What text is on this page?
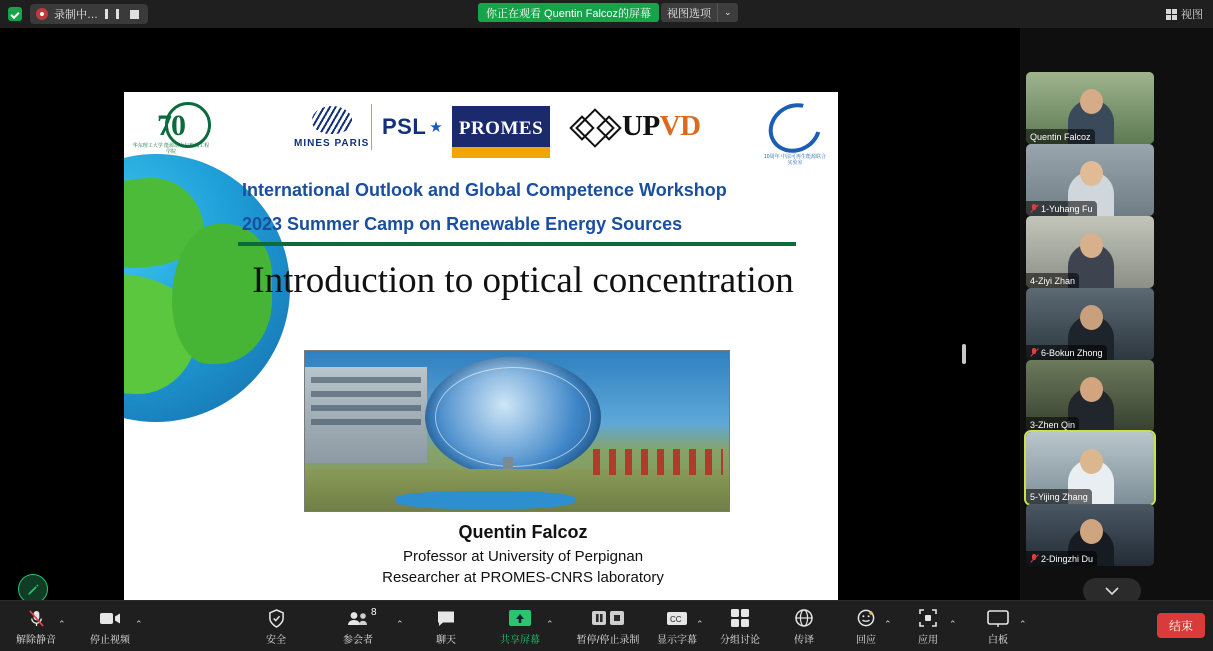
录制中…	你正在观看 Quentin Falcoz的屏幕	视图选项	⌄	视图
70
华东理工大学 能源动力与机械工程学院
MINES PARIS
PSL ★ PROMES	UPVD
10周年 中法可再生能源联合实验室
International Outlook and Global Competence Workshop
2023 Summer Camp on Renewable Energy Sources
Introduction to optical concentration
Quentin Falcoz
Professor at University of Perpignan
Researcher at PROMES-CNRS laboratory
Quentin Falcoz
1-Yuhang Fu
4-Ziyi Zhan
6-Bokun Zhong
3-Zhen Qin
5-Yijing Zhang
2-Dingzhi Du
解除静音
⌃
停止视频
⌃
安全	参会者
8
⌃
聊天	共享屏幕
⌃
暂停/停止录制
CC
显示字幕
⌃
分组讨论	传译	回应
⌃
应用
⌃
白板
⌃	结束
